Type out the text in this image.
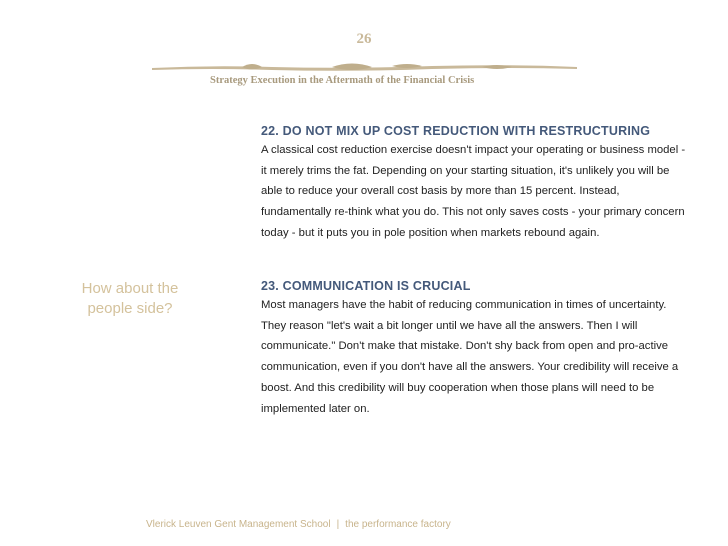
26
Strategy Execution in the Aftermath of the Financial Crisis
How about the people side?
22. DO NOT MIX UP COST REDUCTION WITH RESTRUCTURING
A classical cost reduction exercise doesn't impact your operating or business model - it merely trims the fat. Depending on your starting situation, it's unlikely you will be able to reduce your overall cost basis by more than 15 percent. Instead, fundamentally re-think what you do. This not only saves costs - your primary concern today - but it puts you in pole position when markets rebound again.
23. COMMUNICATION IS CRUCIAL
Most managers have the habit of reducing communication in times of uncertainty. They reason "let's wait a bit longer until we have all the answers. Then I will communicate." Don't make that mistake. Don't shy back from open and pro-active communication, even if you don't have all the answers. Your credibility will receive a boost. And this credibility will buy cooperation when those plans will need to be implemented later on.
Vlerick Leuven Gent Management School | the performance factory
